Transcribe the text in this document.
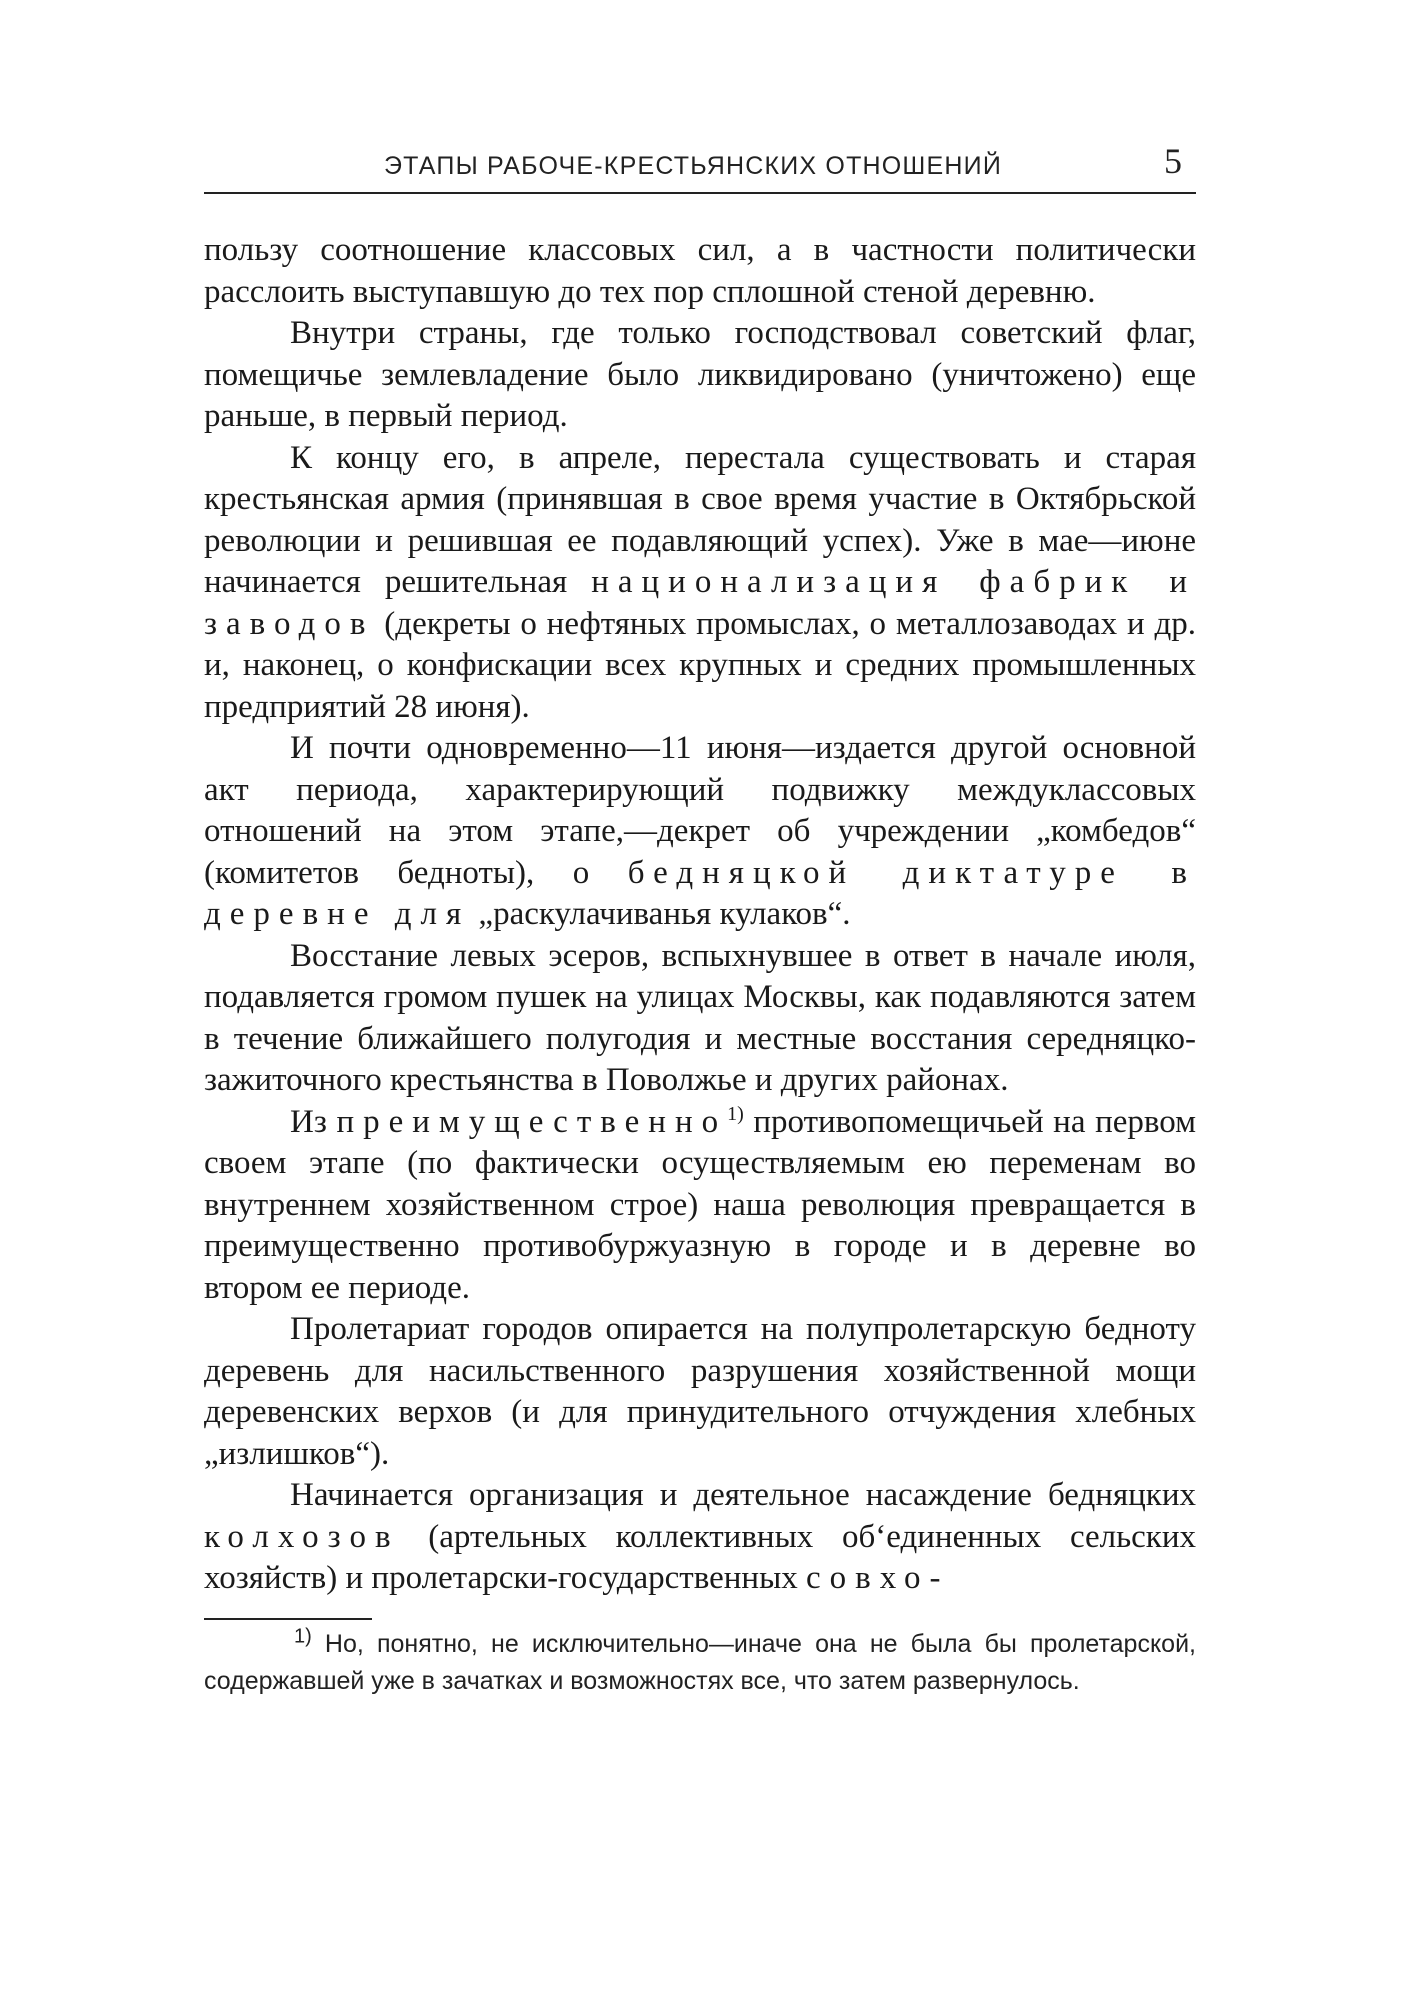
ЭТАПЫ РАБОЧЕ-КРЕСТЬЯНСКИХ ОТНОШЕНИЙ	5

пользу соотношение классовых сил, а в частности политически расслоить выступавшую до тех пор сплошной стеной деревню.

Внутри страны, где только господствовал советский флаг, помещичье землевладение было ликвидировано (уничтожено) еще раньше, в первый период.

К концу его, в апреле, перестала существовать и старая крестьянская армия (принявшая в свое время участие в Октябрьской революции и решившая ее подавляющий успех). Уже в мае—июне начинается решительная национализация фабрик и заводов (декреты о нефтяных промыслах, о металлозаводах и др. и, наконец, о конфискации всех крупных и средних промышленных предприятий 28 июня).

И почти одновременно—11 июня—издается другой основной акт периода, характерирующий подвижку междуклассовых отношений на этом этапе,—декрет об учреждении „комбедов“ (комитетов бедноты), о бедняцкой диктатуре в деревне для „раскулачиванья кулаков“.

Восстание левых эсеров, вспыхнувшее в ответ в начале июля, подавляется громом пушек на улицах Москвы, как подавляются затем в течение ближайшего полугодия и местные восстания середняцко-зажиточного крестьянства в Поволжье и других районах.

Из преимущественно$^{1)}$ противопомещичьей на первом своем этапе (по фактически осуществляемым ею переменам во внутреннем хозяйственном строе) наша революция превращается в преимущественно противобуржуазную в городе и в деревне во втором ее периоде.

Пролетариат городов опирается на полупролетарскую бедноту деревень для насильственного разрушения хозяйственной мощи деревенских верхов (и для принудительного отчуждения хлебных „излишков“).

Начинается организация и деятельное насаждение бедняцких колхозов (артельных коллективных об‘единенных сельских хозяйств) и пролетарски-государственных совхо-

$^{1)}$ Но, понятно, не исключительно—иначе она не была бы пролетарской, содержавшей уже в зачатках и возможностях все, что затем развернулось.
